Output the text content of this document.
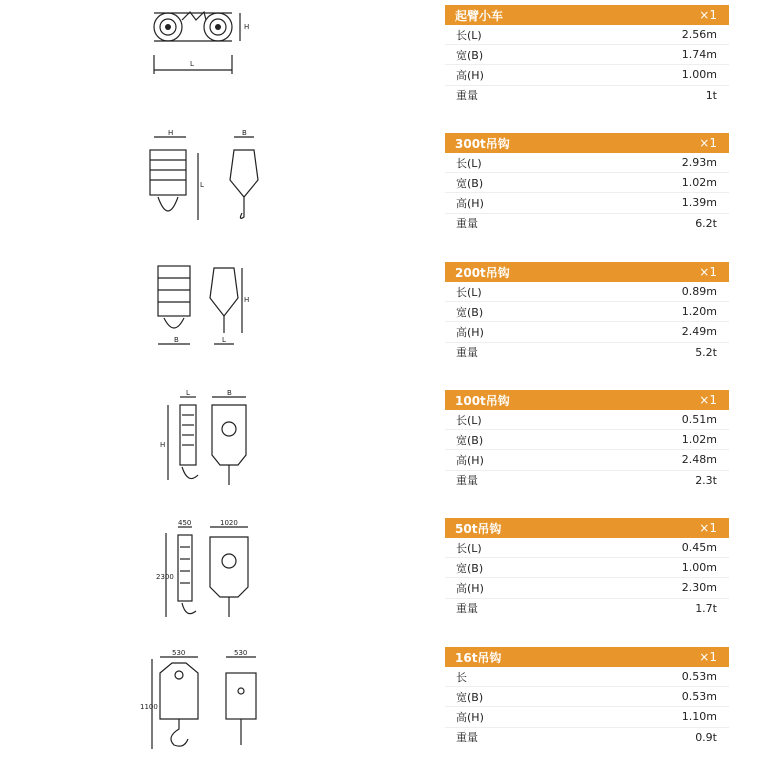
H
L
H	B
L
H
B	L
L	B
H
450	1020
2300
530	530
1100
起臂小车	×1
长(L)	2.56m
宽(B)	1.74m
高(H)	1.00m
重量	1t
300t吊钩	×1
长(L)	2.93m
宽(B)	1.02m
高(H)	1.39m
重量	6.2t
200t吊钩	×1
长(L)	0.89m
宽(B)	1.20m
高(H)	2.49m
重量	5.2t
100t吊钩	×1
长(L)	0.51m
宽(B)	1.02m
高(H)	2.48m
重量	2.3t
50t吊钩	×1
长(L)	0.45m
宽(B)	1.00m
高(H)	2.30m
重量	1.7t
16t吊钩	×1
长	0.53m
宽(B)	0.53m
高(H)	1.10m
重量	0.9t
